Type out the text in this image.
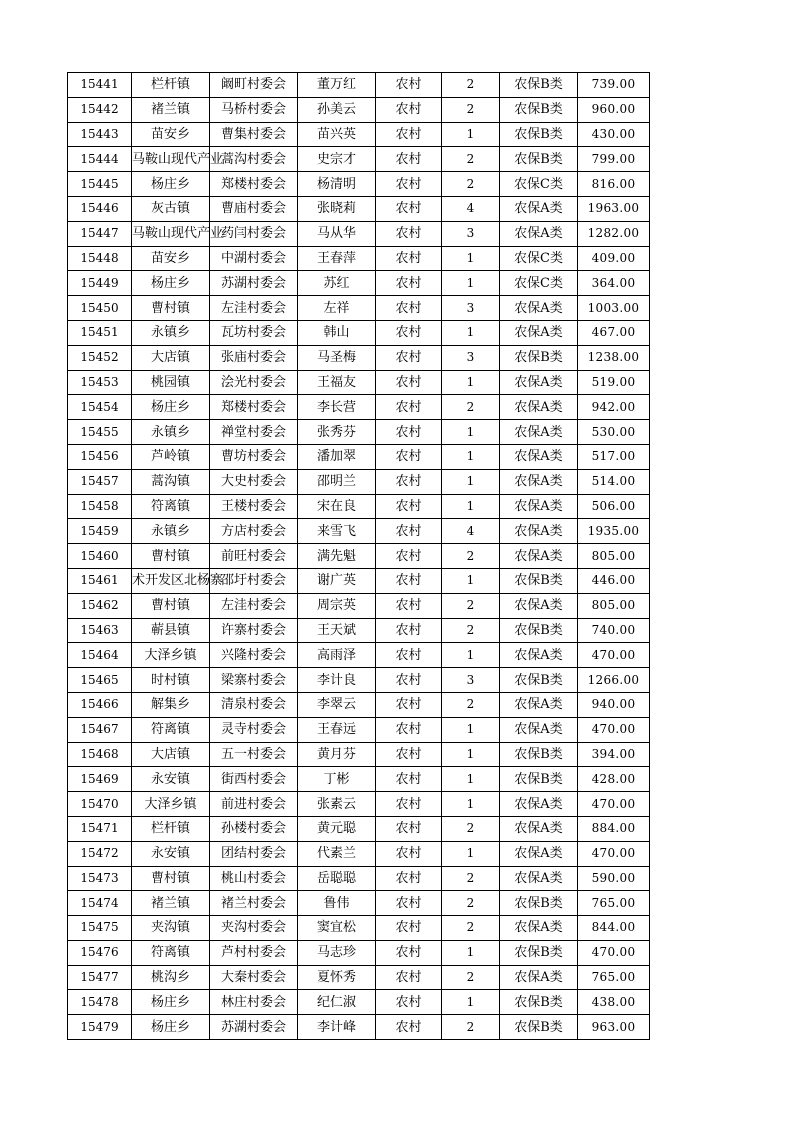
15441	栏杆镇	阚町村委会	董万红	农村	2	农保B类	739.00
15442	褚兰镇	马桥村委会	孙美云	农村	2	农保B类	960.00
15443	苗安乡	曹集村委会	苗兴英	农村	1	农保B类	430.00
15444	马鞍山现代产业	蒿沟村委会	史宗才	农村	2	农保B类	799.00
15445	杨庄乡	郑楼村委会	杨清明	农村	2	农保C类	816.00
15446	灰古镇	曹庙村委会	张晓莉	农村	4	农保A类	1963.00
15447	马鞍山现代产业	药闫村委会	马从华	农村	3	农保A类	1282.00
15448	苗安乡	中湖村委会	王春萍	农村	1	农保C类	409.00
15449	杨庄乡	苏湖村委会	苏红	农村	1	农保C类	364.00
15450	曹村镇	左洼村委会	左祥	农村	3	农保A类	1003.00
15451	永镇乡	瓦坊村委会	韩山	农村	1	农保A类	467.00
15452	大店镇	张庙村委会	马圣梅	农村	3	农保B类	1238.00
15453	桃园镇	浍光村委会	王福友	农村	1	农保A类	519.00
15454	杨庄乡	郑楼村委会	李长营	农村	2	农保A类	942.00
15455	永镇乡	禅堂村委会	张秀芬	农村	1	农保A类	530.00
15456	芦岭镇	曹坊村委会	潘加翠	农村	1	农保A类	517.00
15457	蒿沟镇	大史村委会	邵明兰	农村	1	农保A类	514.00
15458	符离镇	王楼村委会	宋在良	农村	1	农保A类	506.00
15459	永镇乡	方店村委会	来雪飞	农村	4	农保A类	1935.00
15460	曹村镇	前旺村委会	满先魁	农村	2	农保A类	805.00
15461	术开发区北杨寨	邵圩村委会	谢广英	农村	1	农保B类	446.00
15462	曹村镇	左洼村委会	周宗英	农村	2	农保A类	805.00
15463	蕲县镇	许寨村委会	王天斌	农村	2	农保B类	740.00
15464	大泽乡镇	兴隆村委会	高雨泽	农村	1	农保A类	470.00
15465	时村镇	梁寨村委会	李计良	农村	3	农保B类	1266.00
15466	解集乡	清泉村委会	李翠云	农村	2	农保A类	940.00
15467	符离镇	灵寺村委会	王春远	农村	1	农保A类	470.00
15468	大店镇	五一村委会	黄月芬	农村	1	农保B类	394.00
15469	永安镇	街西村委会	丁彬	农村	1	农保B类	428.00
15470	大泽乡镇	前进村委会	张素云	农村	1	农保A类	470.00
15471	栏杆镇	孙楼村委会	黄元聪	农村	2	农保A类	884.00
15472	永安镇	团结村委会	代素兰	农村	1	农保A类	470.00
15473	曹村镇	桃山村委会	岳聪聪	农村	2	农保A类	590.00
15474	褚兰镇	褚兰村委会	鲁伟	农村	2	农保B类	765.00
15475	夹沟镇	夹沟村委会	窦宜松	农村	2	农保A类	844.00
15476	符离镇	芦村村委会	马志珍	农村	1	农保B类	470.00
15477	桃沟乡	大秦村委会	夏怀秀	农村	2	农保A类	765.00
15478	杨庄乡	林庄村委会	纪仁淑	农村	1	农保B类	438.00
15479	杨庄乡	苏湖村委会	李计峰	农村	2	农保B类	963.00
